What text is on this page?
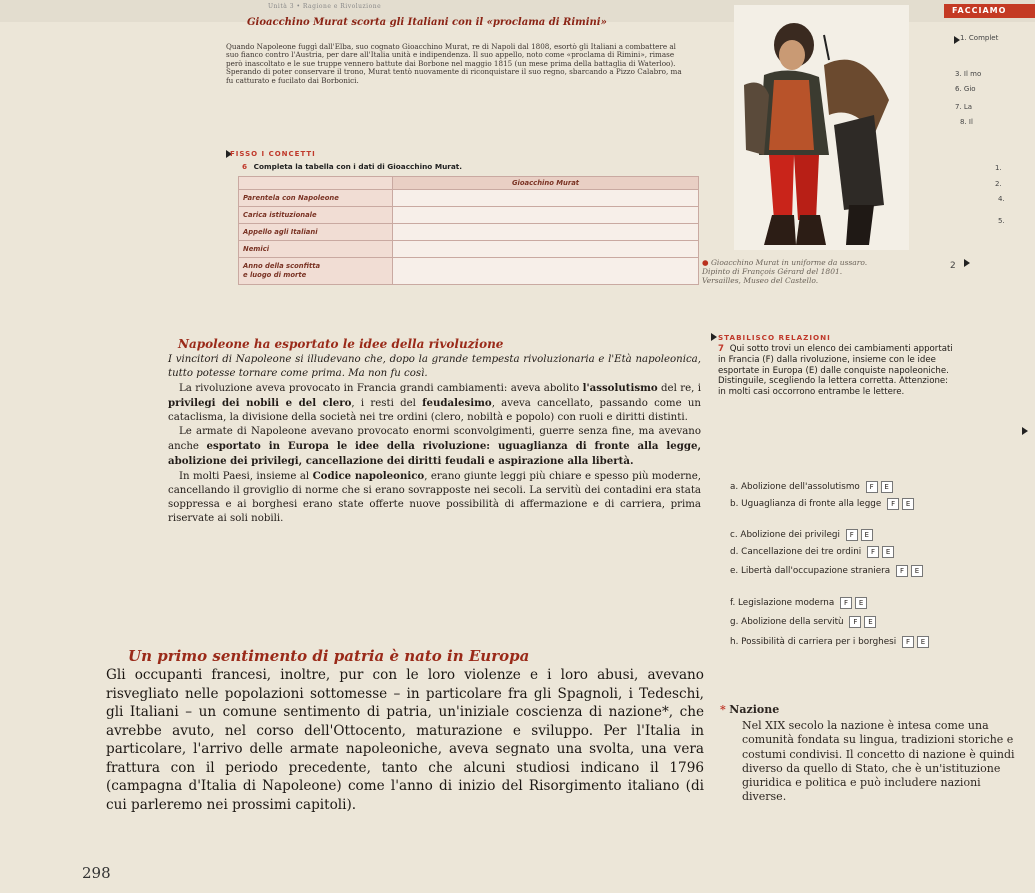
Unità 3 • Ragione e Rivoluzione	FACCIAMO
Gioacchino Murat scorta gli Italiani con il «proclama di Rimini»
Quando Napoleone fuggì dall'Elba, suo cognato Gioacchino Murat, re di Napoli dal 1808, esortò gli Italiani a combattere al suo fianco contro l'Austria, per dare all'Italia unità e indipendenza. Il suo appello, noto come «proclama di Rimini», rimase però inascoltato e le sue truppe vennero battute dai Borbone nel maggio 1815 (un mese prima della battaglia di Waterloo). Sperando di poter conservare il trono, Murat tentò nuovamente di riconquistare il suo regno, sbarcando a Pizzo Calabro, ma fu catturato e fucilato dai Borbonici.
● Gioacchino Murat in uniforme da ussaro. Dipinto di François Gérard del 1801. Versailles, Museo del Castello.
1. Complet
3. Il mo
6. Gio
7. La
8. Il
1.
2.
4.
5.
2
FISSO I CONCETTI
6 Completa la tabella con i dati di Gioacchino Murat.
	Gioacchino Murat
Parentela con Napoleone	
Carica istituzionale	
Appello agli Italiani	
Nemici	
Anno della sconfitta
e luogo di morte	
Napoleone ha esportato le idee della rivoluzione

I vincitori di Napoleone si illudevano che, dopo la grande tempesta rivoluzionaria e l'Età napoleonica, tutto potesse tornare come prima. Ma non fu così.

La rivoluzione aveva provocato in Francia grandi cambiamenti: aveva abolito l'assolutismo del re, i privilegi dei nobili e del clero, i resti del feudalesimo, aveva cancellato, passando come un cataclisma, la divisione della società nei tre ordini (clero, nobiltà e popolo) con ruoli e diritti distinti.

Le armate di Napoleone avevano provocato enormi sconvolgimenti, guerre senza fine, ma avevano anche esportato in Europa le idee della rivoluzione: uguaglianza di fronte alla legge, abolizione dei privilegi, cancellazione dei diritti feudali e aspirazione alla libertà.

In molti Paesi, insieme al Codice napoleonico, erano giunte leggi più chiare e spesso più moderne, cancellando il groviglio di norme che si erano sovrapposte nei secoli. La servitù dei contadini era stata soppressa e ai borghesi erano state offerte nuove possibilità di affermazione e di carriera, prima riservate ai soli nobili.

Un primo sentimento di patria è nato in Europa

Gli occupanti francesi, inoltre, pur con le loro violenze e i loro abusi, avevano risvegliato nelle popolazioni sottomesse – in particolare fra gli Spagnoli, i Tedeschi, gli Italiani – un comune sentimento di patria, un'iniziale coscienza di nazione*, che avrebbe avuto, nel corso dell'Ottocento, maturazione e sviluppo. Per l'Italia in particolare, l'arrivo delle armate napoleoniche, aveva segnato una svolta, una vera frattura con il periodo precedente, tanto che alcuni studiosi indicano il 1796 (campagna d'Italia di Napoleone) come l'anno di inizio del Risorgimento italiano (di cui parleremo nei prossimi capitoli).

STABILISCO RELAZIONI
7 Qui sotto trovi un elenco dei cambiamenti apportati in Francia (F) dalla rivoluzione, insieme con le idee esportate in Europa (E) dalle conquiste napoleoniche. Distinguile, scegliendo la lettera corretta. Attenzione: in molti casi occorrono entrambe le lettere.
a. Abolizione dell'assolutismo F E
b. Uguaglianza di fronte alla legge F E
c. Abolizione dei privilegi F E
d. Cancellazione dei tre ordini F E
e. Libertà dall'occupazione straniera F E
f. Legislazione moderna F E
g. Abolizione della servitù F E
h. Possibilità di carriera per i borghesi F E
* Nazione
Nel XIX secolo la nazione è intesa come una comunità fondata su lingua, tradizioni storiche e costumi condivisi. Il concetto di nazione è quindi diverso da quello di Stato, che è un'istituzione giuridica e politica e può includere nazioni diverse.
298
